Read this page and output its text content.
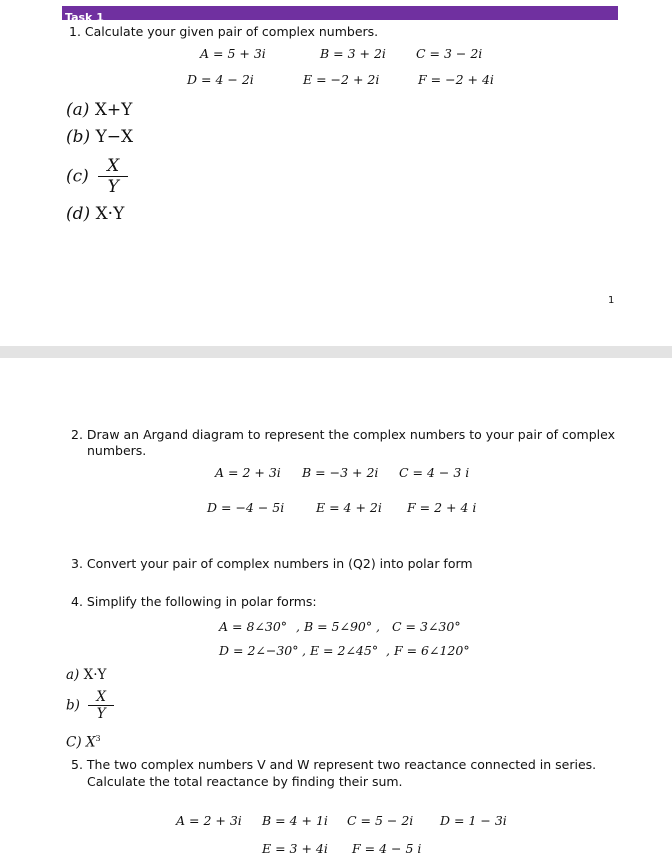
Task 1
1. Calculate your given pair of complex numbers.
A = 5 + 3i	B = 3 + 2i C = 3 − 2i
D = 4 − 2i	E = −2 + 2i	F = −2 + 4i
(a) X+Y
(b) Y−X
$(c) \frac{X}{Y}$
(d) X·Y
1
2. Draw an Argand diagram to represent the complex numbers to your pair of complex
numbers.
A = 2 + 3i B = −3 + 2i C = 4 − 3 i
D = −4 − 5i	E = 4 + 2i F = 2 + 4 i
3. Convert your pair of complex numbers in (Q2) into polar form
4. Simplify the following in polar forms:
A = 8∠30° , B = 5∠90° , C = 3∠30°
D = 2∠−30° , E = 2∠45° , F = 6∠120°
a) X·Y
$b) \frac{X}{Y}$
C) $X^3$
5. The two complex numbers V and W represent two reactance connected in series.
Calculate the total reactance by finding their sum.
A = 2 + 3i B = 4 + 1i C = 5 − 2i D = 1 − 3i
E = 3 + 4i F = 4 − 5 i
